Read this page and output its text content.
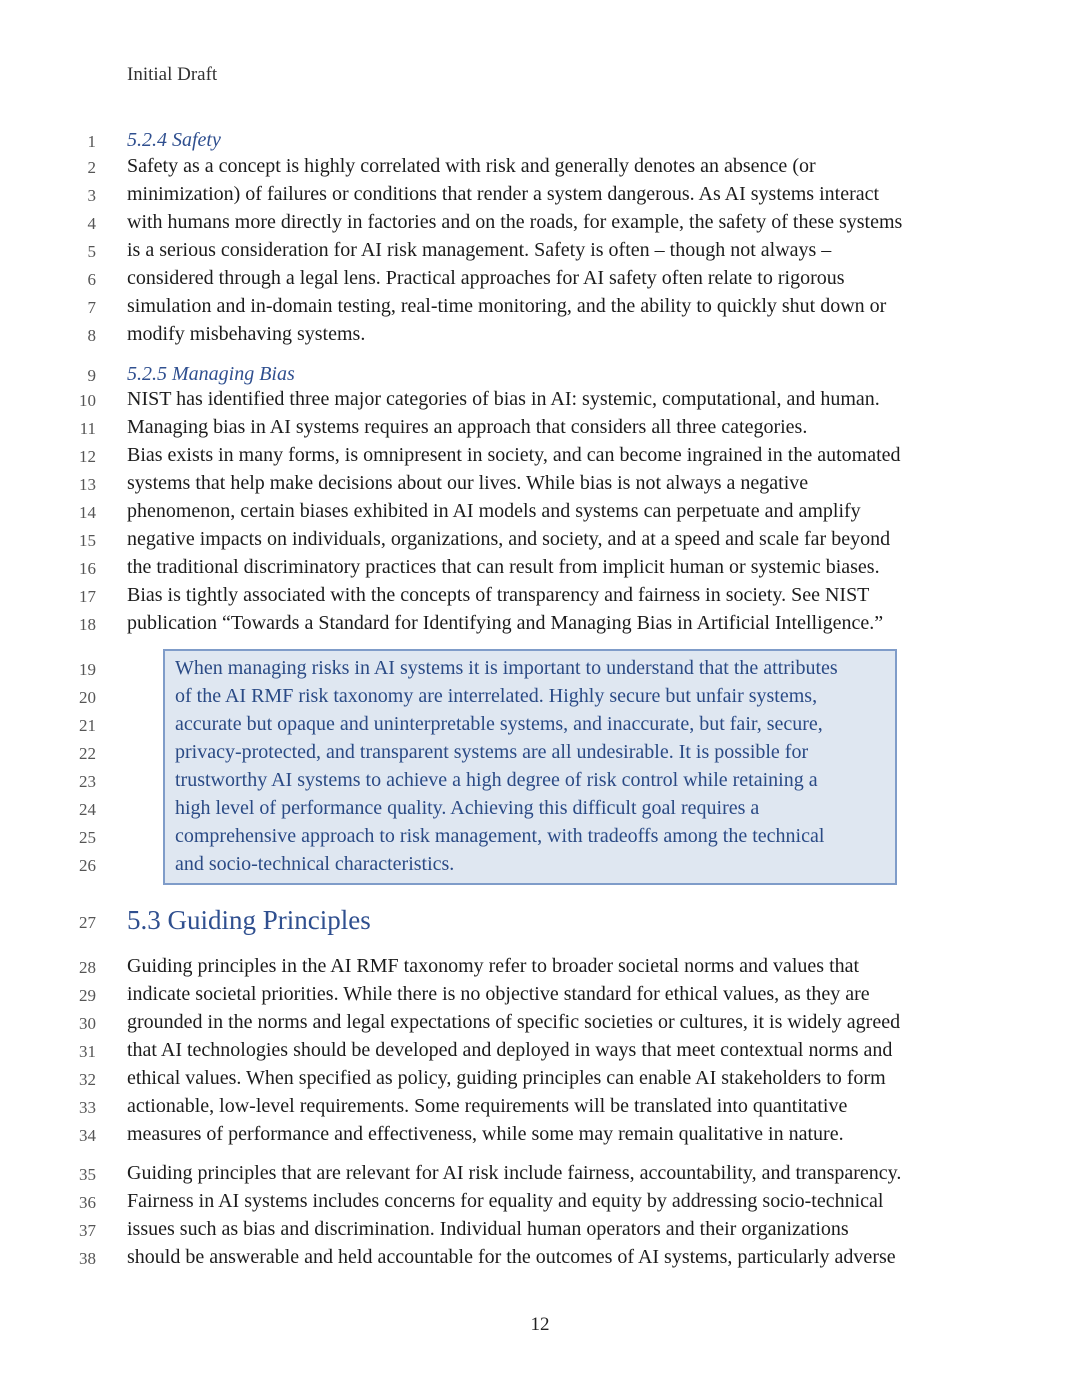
Initial Draft
1 5.2.4 Safety
2 Safety as a concept is highly correlated with risk and generally denotes an absence (or
3 minimization) of failures or conditions that render a system dangerous. As AI systems interact
4 with humans more directly in factories and on the roads, for example, the safety of these systems
5 is a serious consideration for AI risk management. Safety is often – though not always –
6 considered through a legal lens. Practical approaches for AI safety often relate to rigorous
7 simulation and in-domain testing, real-time monitoring, and the ability to quickly shut down or
8 modify misbehaving systems.
9 5.2.5 Managing Bias
10 NIST has identified three major categories of bias in AI: systemic, computational, and human.
11 Managing bias in AI systems requires an approach that considers all three categories.
12 Bias exists in many forms, is omnipresent in society, and can become ingrained in the automated
13 systems that help make decisions about our lives. While bias is not always a negative
14 phenomenon, certain biases exhibited in AI models and systems can perpetuate and amplify
15 negative impacts on individuals, organizations, and society, and at a speed and scale far beyond
16 the traditional discriminatory practices that can result from implicit human or systemic biases.
17 Bias is tightly associated with the concepts of transparency and fairness in society. See NIST
18 publication “Towards a Standard for Identifying and Managing Bias in Artificial Intelligence.”
19	When managing risks in AI systems it is important to understand that the attributes
20	of the AI RMF risk taxonomy are interrelated. Highly secure but unfair systems,
21	accurate but opaque and uninterpretable systems, and inaccurate, but fair, secure,
22	privacy-protected, and transparent systems are all undesirable. It is possible for
23	trustworthy AI systems to achieve a high degree of risk control while retaining a
24	high level of performance quality. Achieving this difficult goal requires a
25	comprehensive approach to risk management, with tradeoffs among the technical
26	and socio-technical characteristics.
27 5.3 Guiding Principles
28 Guiding principles in the AI RMF taxonomy refer to broader societal norms and values that
29 indicate societal priorities. While there is no objective standard for ethical values, as they are
30 grounded in the norms and legal expectations of specific societies or cultures, it is widely agreed
31 that AI technologies should be developed and deployed in ways that meet contextual norms and
32 ethical values. When specified as policy, guiding principles can enable AI stakeholders to form
33 actionable, low-level requirements. Some requirements will be translated into quantitative
34 measures of performance and effectiveness, while some may remain qualitative in nature.
35 Guiding principles that are relevant for AI risk include fairness, accountability, and transparency.
36 Fairness in AI systems includes concerns for equality and equity by addressing socio-technical
37 issues such as bias and discrimination. Individual human operators and their organizations
38 should be answerable and held accountable for the outcomes of AI systems, particularly adverse
12
